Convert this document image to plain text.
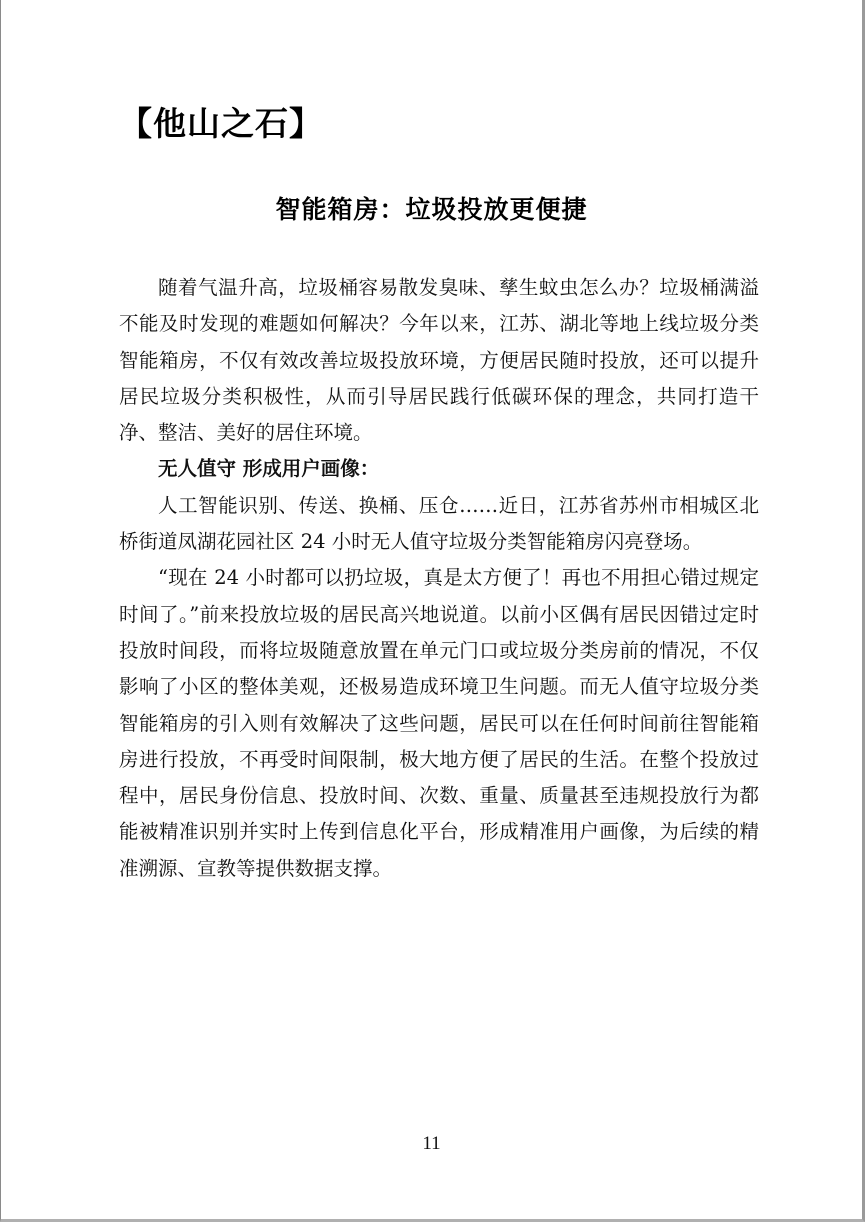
【他山之石】
智能箱房：垃圾投放更便捷

随着气温升高，垃圾桶容易散发臭味、孳生蚊虫怎么办？垃圾桶满溢不能及时发现的难题如何解决？今年以来，江苏、湖北等地上线垃圾分类智能箱房，不仅有效改善垃圾投放环境，方便居民随时投放，还可以提升居民垃圾分类积极性，从而引导居民践行低碳环保的理念，共同打造干净、整洁、美好的居住环境。

无人值守 形成用户画像：

人工智能识别、传送、换桶、压仓……近日，江苏省苏州市相城区北桥街道凤湖花园社区 24 小时无人值守垃圾分类智能箱房闪亮登场。

“现在 24 小时都可以扔垃圾，真是太方便了！再也不用担心错过规定时间了。”前来投放垃圾的居民高兴地说道。以前小区偶有居民因错过定时投放时间段，而将垃圾随意放置在单元门口或垃圾分类房前的情况，不仅影响了小区的整体美观，还极易造成环境卫生问题。而无人值守垃圾分类智能箱房的引入则有效解决了这些问题，居民可以在任何时间前往智能箱房进行投放，不再受时间限制，极大地方便了居民的生活。在整个投放过程中，居民身份信息、投放时间、次数、重量、质量甚至违规投放行为都能被精准识别并实时上传到信息化平台，形成精准用户画像，为后续的精准溯源、宣教等提供数据支撑。

11
